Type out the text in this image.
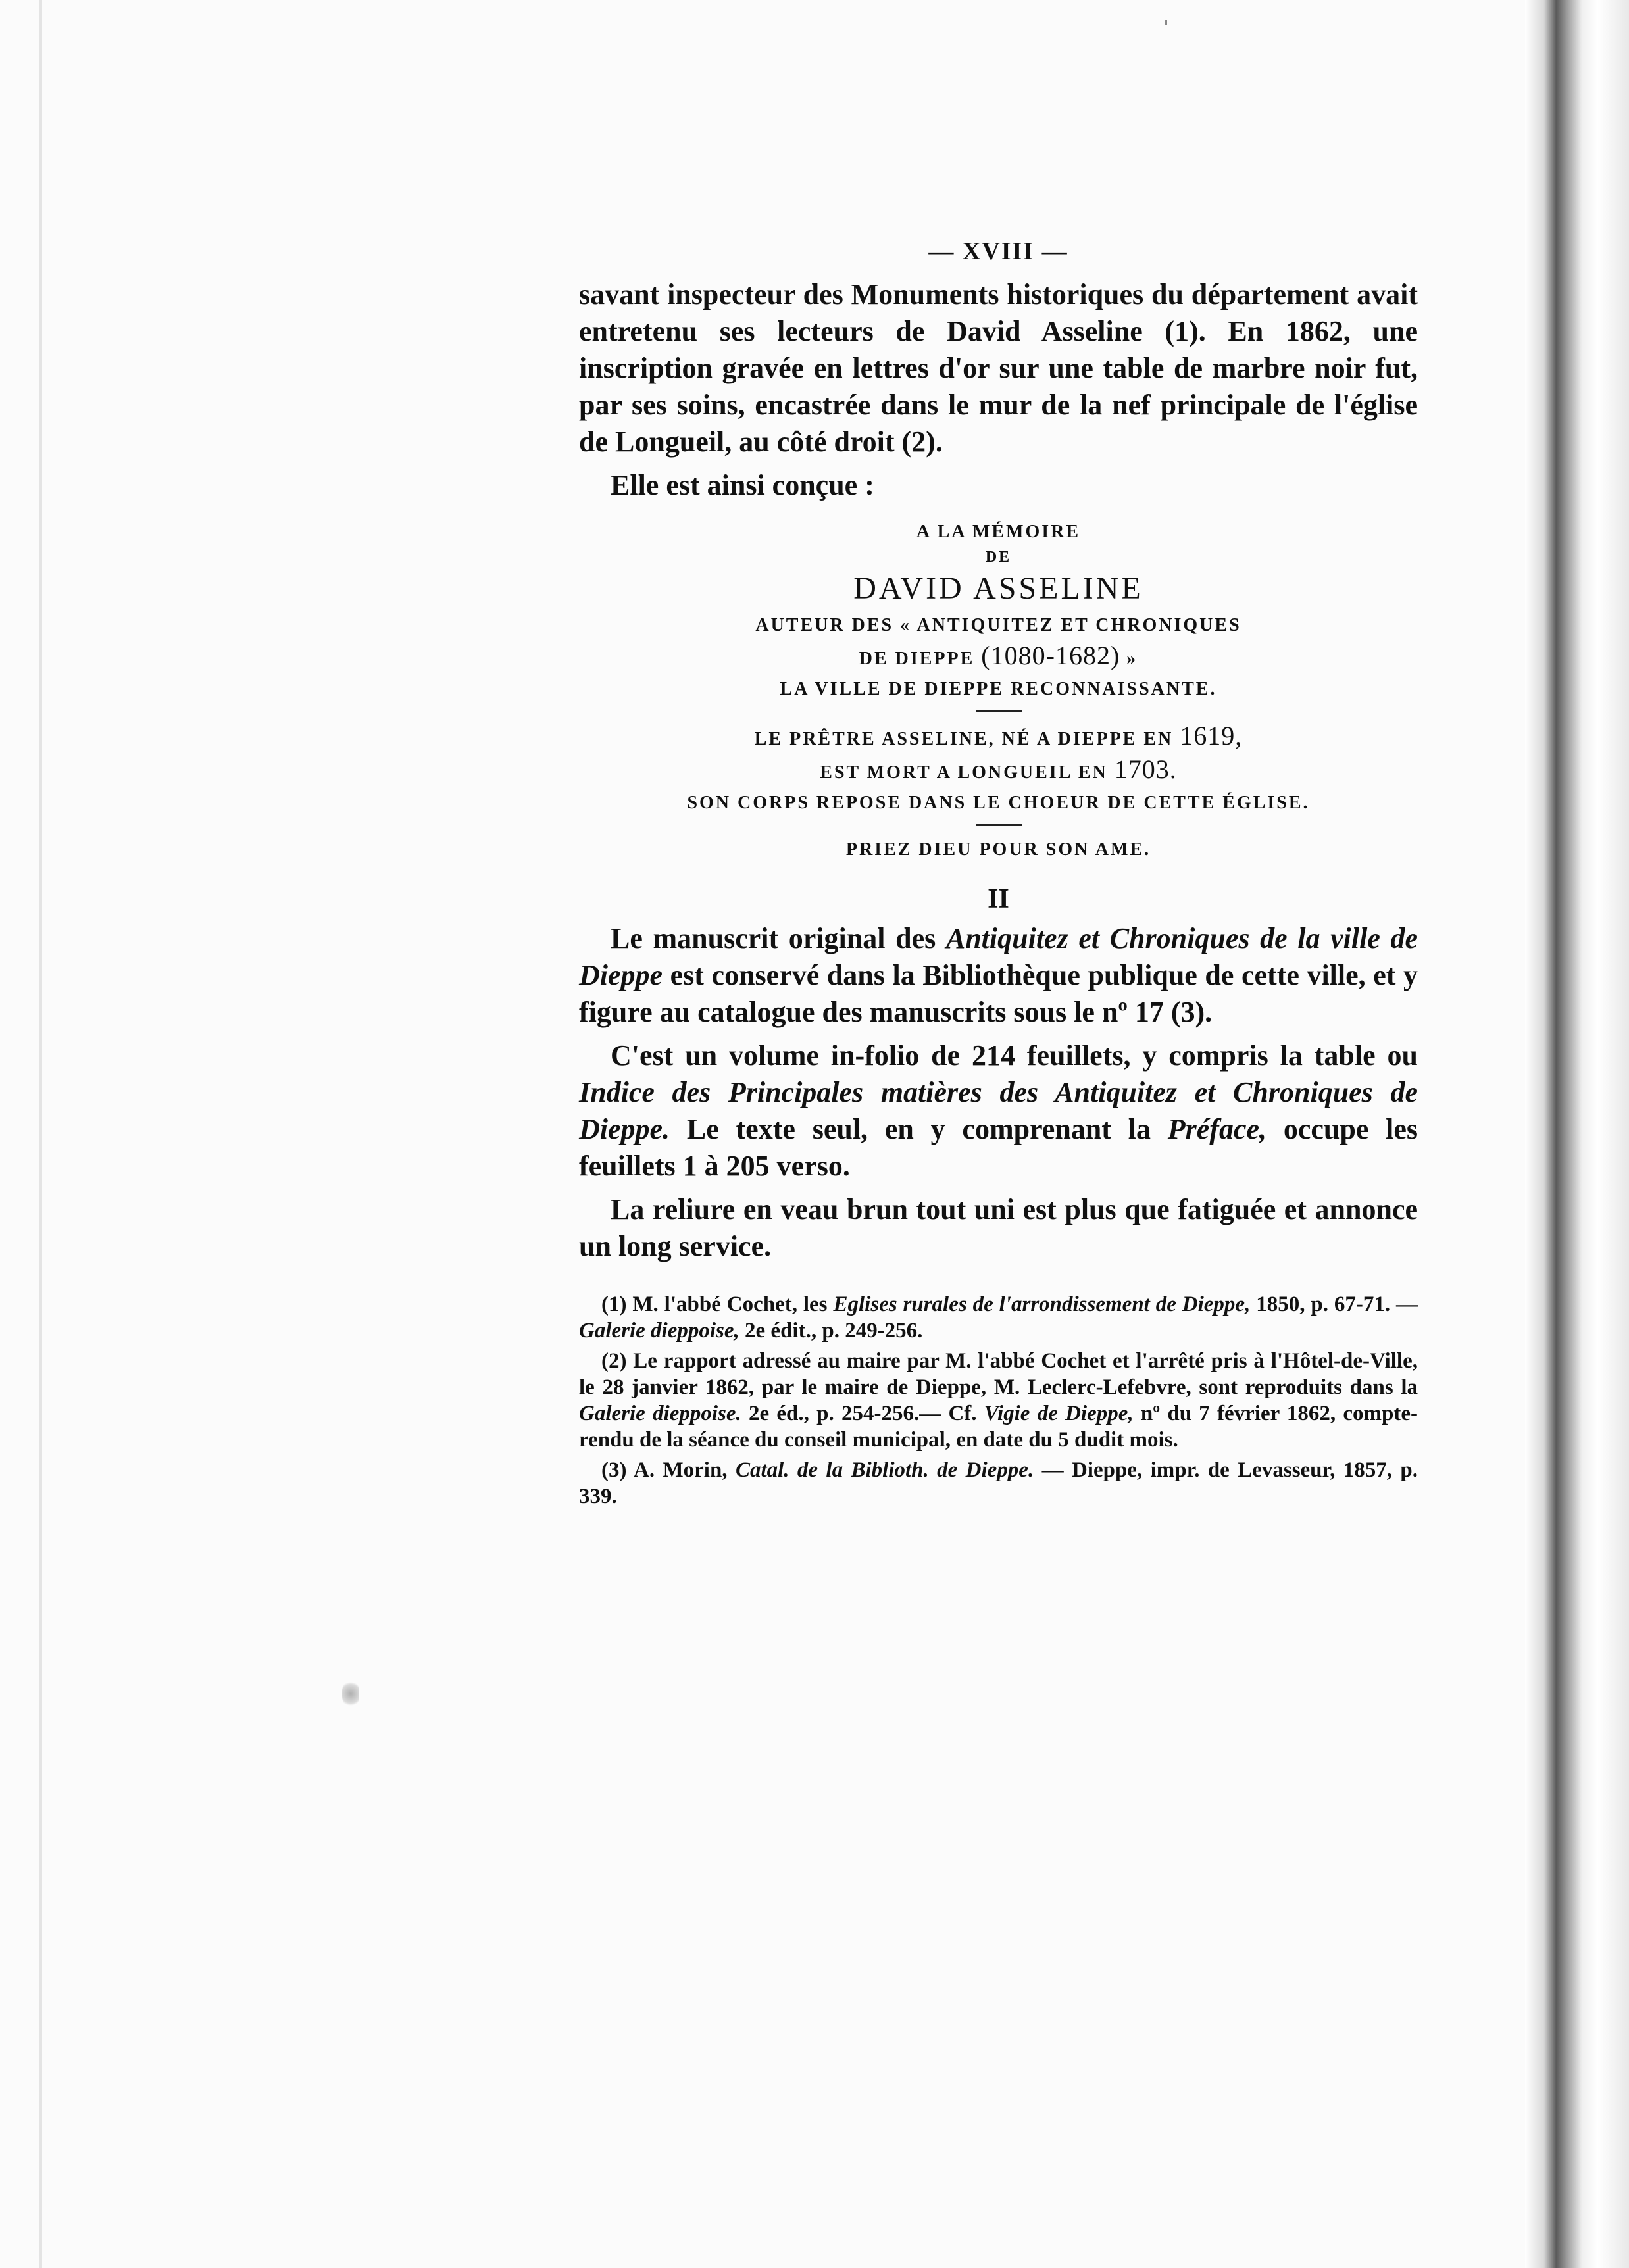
— XVIII —

savant inspecteur des Monuments historiques du département avait entretenu ses lecteurs de David Asseline (1). En 1862, une inscription gravée en lettres d'or sur une table de marbre noir fut, par ses soins, encastrée dans le mur de la nef principale de l'église de Longueil, au côté droit (2).

Elle est ainsi conçue :

A LA MÉMOIRE
DE
DAVID ASSELINE
AUTEUR DES « ANTIQUITEZ ET CHRONIQUES
DE DIEPPE (1080-1682) »
LA VILLE DE DIEPPE RECONNAISSANTE.
LE PRÊTRE ASSELINE, NÉ A DIEPPE EN 1619,
EST MORT A LONGUEIL EN 1703.
SON CORPS REPOSE DANS LE CHOEUR DE CETTE ÉGLISE.
PRIEZ DIEU POUR SON AME.
II

Le manuscrit original des Antiquitez et Chroniques de la ville de Dieppe est conservé dans la Bibliothèque publique de cette ville, et y figure au catalogue des manuscrits sous le nº 17 (3).

C'est un volume in-folio de 214 feuillets, y compris la table ou Indice des Principales matières des Antiquitez et Chroniques de Dieppe. Le texte seul, en y comprenant la Préface, occupe les feuillets 1 à 205 verso.

La reliure en veau brun tout uni est plus que fatiguée et annonce un long service.

(1) M. l'abbé Cochet, les Eglises rurales de l'arrondissement de Dieppe, 1850, p. 67-71. — Galerie dieppoise, 2e édit., p. 249-256.

(2) Le rapport adressé au maire par M. l'abbé Cochet et l'arrêté pris à l'Hôtel-de-Ville, le 28 janvier 1862, par le maire de Dieppe, M. Leclerc-Lefebvre, sont reproduits dans la Galerie dieppoise. 2e éd., p. 254-256.— Cf. Vigie de Dieppe, nº du 7 février 1862, compte-rendu de la séance du conseil municipal, en date du 5 dudit mois.

(3) A. Morin, Catal. de la Biblioth. de Dieppe. — Dieppe, impr. de Levasseur, 1857, p. 339.
